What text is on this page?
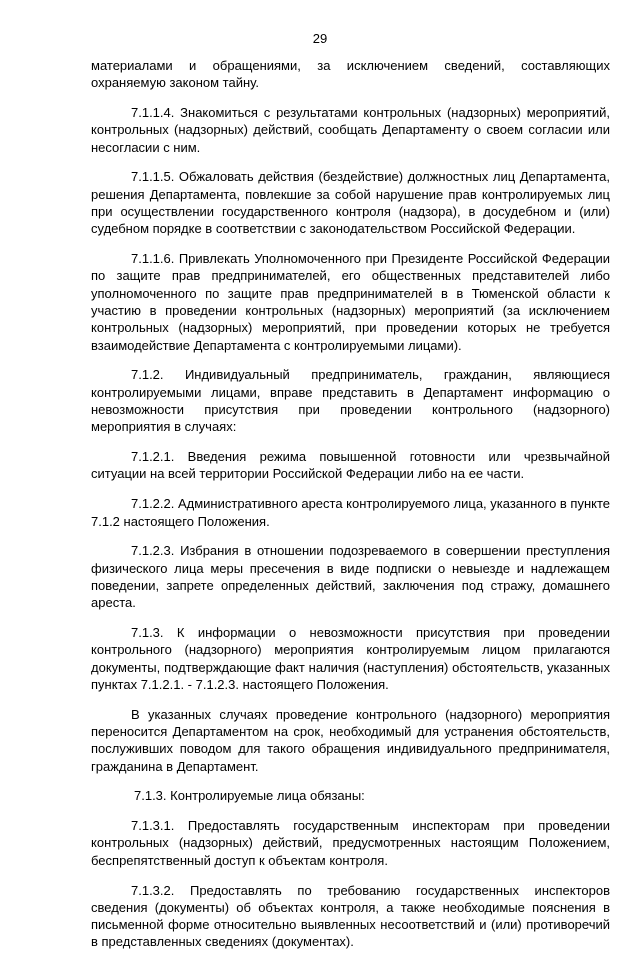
29

материалами и обращениями, за исключением сведений, составляющих охраняемую законом тайну.

7.1.1.4. Знакомиться с результатами контрольных (надзорных) мероприятий, контрольных (надзорных) действий, сообщать Департаменту о своем согласии или несогласии с ним.

7.1.1.5. Обжаловать действия (бездействие) должностных лиц Департамента, решения Департамента, повлекшие за собой нарушение прав контролируемых лиц при осуществлении государственного контроля (надзора), в досудебном и (или) судебном порядке в соответствии с законодательством Российской Федерации.

7.1.1.6. Привлекать Уполномоченного при Президенте Российской Федерации по защите прав предпринимателей, его общественных представителей либо уполномоченного по защите прав предпринимателей в в Тюменской области к участию в проведении контрольных (надзорных) мероприятий (за исключением контрольных (надзорных) мероприятий, при проведении которых не требуется взаимодействие Департамента с контролируемыми лицами).

7.1.2. Индивидуальный предприниматель, гражданин, являющиеся контролируемыми лицами, вправе представить в Департамент информацию о невозможности присутствия при проведении контрольного (надзорного) мероприятия в случаях:

7.1.2.1. Введения режима повышенной готовности или чрезвычайной ситуации на всей территории Российской Федерации либо на ее части.

7.1.2.2. Административного ареста контролируемого лица, указанного в пункте 7.1.2 настоящего Положения.

7.1.2.3. Избрания в отношении подозреваемого в совершении преступления физического лица меры пресечения в виде подписки о невыезде и надлежащем поведении, запрете определенных действий, заключения под стражу, домашнего ареста.

7.1.3. К информации о невозможности присутствия при проведении контрольного (надзорного) мероприятия контролируемым лицом прилагаются документы, подтверждающие факт наличия (наступления) обстоятельств, указанных пунктах 7.1.2.1. - 7.1.2.3. настоящего Положения.

В указанных случаях проведение контрольного (надзорного) мероприятия переносится Департаментом на срок, необходимый для устранения обстоятельств, послуживших поводом для такого обращения индивидуального предпринимателя, гражданина в Департамент.

7.1.3. Контролируемые лица обязаны:

7.1.3.1. Предоставлять государственным инспекторам при проведении контрольных (надзорных) действий, предусмотренных настоящим Положением, беспрепятственный доступ к объектам контроля.

7.1.3.2. Предоставлять по требованию государственных инспекторов сведения (документы) об объектах контроля, а также необходимые пояснения в письменной форме относительно выявленных несоответствий и (или) противоречий в представленных сведениях (документах).
